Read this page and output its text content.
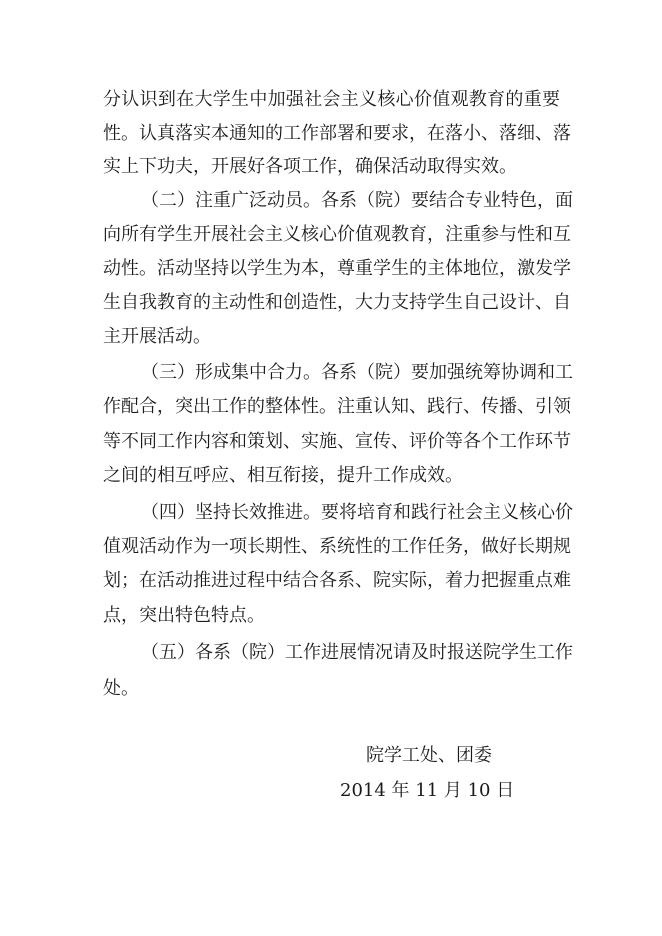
分认识到在大学生中加强社会主义核心价值观教育的重要
性。认真落实本通知的工作部署和要求，在落小、落细、落
实上下功夫，开展好各项工作，确保活动取得实效。
（二）注重广泛动员。各系（院）要结合专业特色，面
向所有学生开展社会主义核心价值观教育，注重参与性和互
动性。活动坚持以学生为本，尊重学生的主体地位，激发学
生自我教育的主动性和创造性，大力支持学生自己设计、自
主开展活动。
（三）形成集中合力。各系（院）要加强统筹协调和工
作配合，突出工作的整体性。注重认知、践行、传播、引领
等不同工作内容和策划、实施、宣传、评价等各个工作环节
之间的相互呼应、相互衔接，提升工作成效。
（四）坚持长效推进。要将培育和践行社会主义核心价
值观活动作为一项长期性、系统性的工作任务，做好长期规
划；在活动推进过程中结合各系、院实际，着力把握重点难
点，突出特色特点。
（五）各系（院）工作进展情况请及时报送院学生工作
处。
院学工处、团委
2014 年 11 月 10 日
